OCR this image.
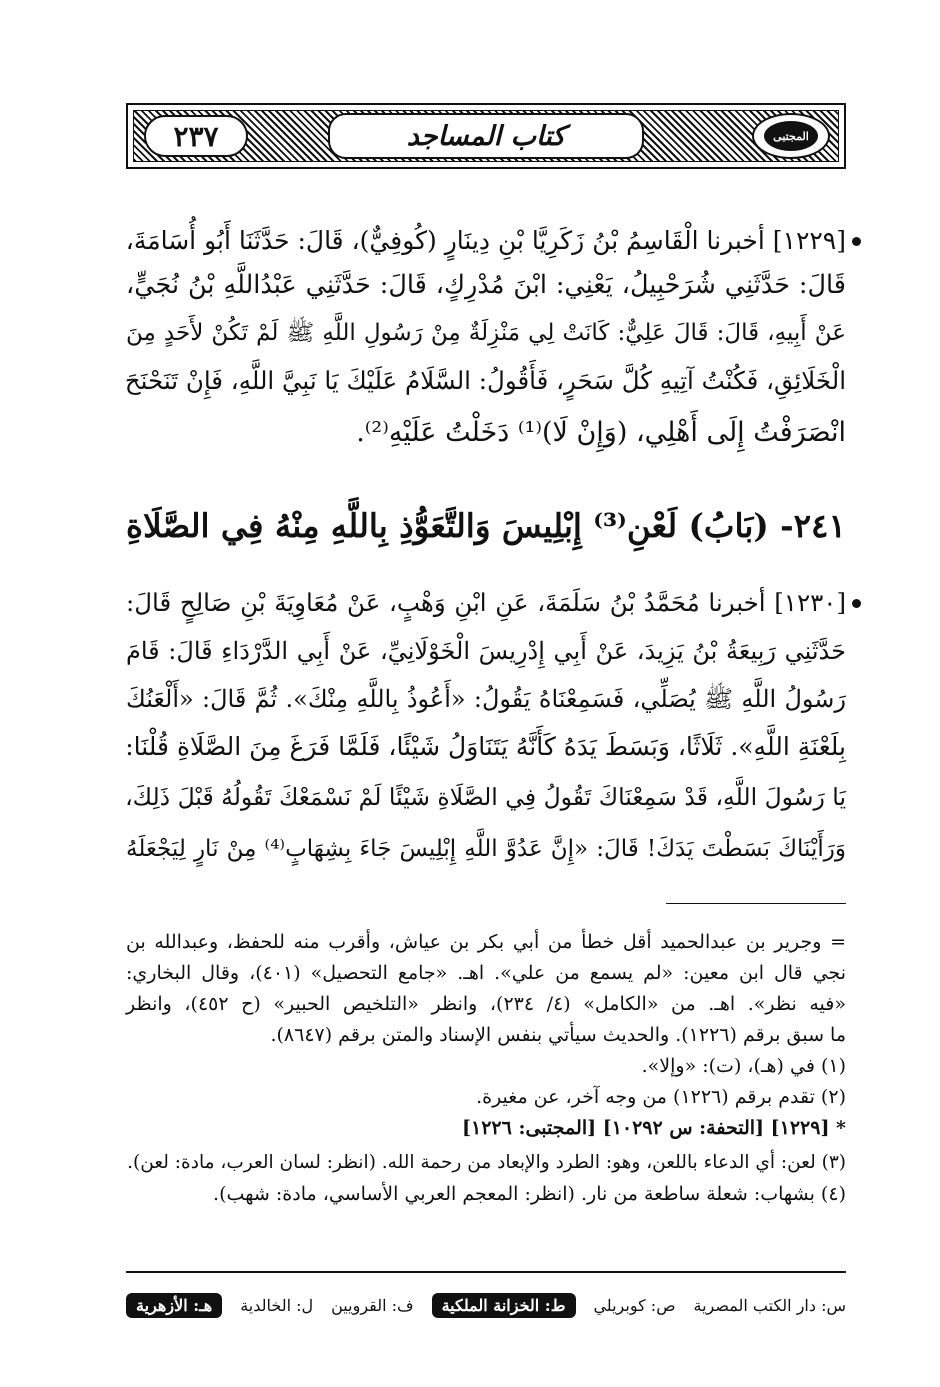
المجتبى
كتاب المساجد
٢٣٧
[١٢٢٩] أخبرنا الْقَاسِمُ بْنُ زَكَرِيَّا بْنِ دِينَارٍ (كُوفِيٌّ)، قَالَ: حَدَّثَنَا أَبُو أُسَامَةَ،
قَالَ: حَدَّثَنِي شُرَحْبِيلُ، يَعْنِي: ابْنَ مُدْرِكٍ، قَالَ: حَدَّثَنِي عَبْدُاللَّهِ بْنُ نُجَيٍّ،
عَنْ أَبِيهِ، قَالَ: قَالَ عَلِيٌّ: كَانَتْ لِي مَنْزِلَةٌ مِنْ رَسُولِ اللَّهِ ﷺ لَمْ تَكُنْ لأَحَدٍ مِنَ
الْخَلَائِقِ، فَكُنْتُ آتِيهِ كُلَّ سَحَرٍ، فَأَقُولُ: السَّلَامُ عَلَيْكَ يَا نَبِيَّ اللَّهِ، فَإِنْ تَنَحْنَحَ
انْصَرَفْتُ إِلَى أَهْلِي، (وَإِنْ لَا)⁽¹⁾ دَخَلْتُ عَلَيْهِ⁽²⁾.
٢٤١- (بَابُ) لَعْنِ⁽³⁾ إِبْلِيسَ وَالتَّعَوُّذِ بِاللَّهِ مِنْهُ فِي الصَّلَاةِ
[١٢٣٠] أخبرنا مُحَمَّدُ بْنُ سَلَمَةَ، عَنِ ابْنِ وَهْبٍ، عَنْ مُعَاوِيَةَ بْنِ صَالِحٍ قَالَ:
حَدَّثَنِي رَبِيعَةُ بْنُ يَزِيدَ، عَنْ أَبِي إِدْرِيسَ الْخَوْلَانِيِّ، عَنْ أَبِي الدَّرْدَاءِ قَالَ: قَامَ
رَسُولُ اللَّهِ ﷺ يُصَلِّي، فَسَمِعْنَاهُ يَقُولُ: «أَعُوذُ بِاللَّهِ مِنْكَ». ثُمَّ قَالَ: «أَلْعَنُكَ
بِلَعْنَةِ اللَّهِ». ثَلَاثًا، وَبَسَطَ يَدَهُ كَأَنَّهُ يَتَنَاوَلُ شَيْئًا، فَلَمَّا فَرَغَ مِنَ الصَّلَاةِ قُلْنَا:
يَا رَسُولَ اللَّهِ، قَدْ سَمِعْنَاكَ تَقُولُ فِي الصَّلَاةِ شَيْئًا لَمْ نَسْمَعْكَ تَقُولُهُ قَبْلَ ذَلِكَ،
وَرَأَيْنَاكَ بَسَطْتَ يَدَكَ! قَالَ: «إِنَّ عَدُوَّ اللَّهِ إِبْلِيسَ جَاءَ بِشِهَابٍ⁽⁴⁾ مِنْ نَارٍ لِيَجْعَلَهُ
= وجرير بن عبدالحميد أقل خطأ من أبي بكر بن عياش، وأقرب منه للحفظ، وعبدالله بن
نجي قال ابن معين: «لم يسمع من علي». اهـ. «جامع التحصيل» (٤٠١)، وقال البخاري:
«فيه نظر». اهـ. من «الكامل» (٤/ ٢٣٤)، وانظر «التلخيص الحبير» (ح ٤٥٢)، وانظر
ما سبق برقم (١٢٢٦). والحديث سيأتي بنفس الإسناد والمتن برقم (٨٦٤٧).
(١) في (هـ)، (ت): «وإلا».
(٢) تقدم برقم (١٢٢٦) من وجه آخر، عن مغيرة.
* [١٢٢٩] [التحفة: س ١٠٢٩٢] [المجتبى: ١٢٢٦]
(٣) لعن: أي الدعاء باللعن، وهو: الطرد والإبعاد من رحمة الله. (انظر: لسان العرب، مادة: لعن).
(٤) بشهاب: شعلة ساطعة من نار. (انظر: المعجم العربي الأساسي، مادة: شهب).
س: دار الكتب المصرية
ص: كوبريلي
ط: الخزانة الملكية
ف: القرويين
ل: الخالدية
هـ: الأزهرية
